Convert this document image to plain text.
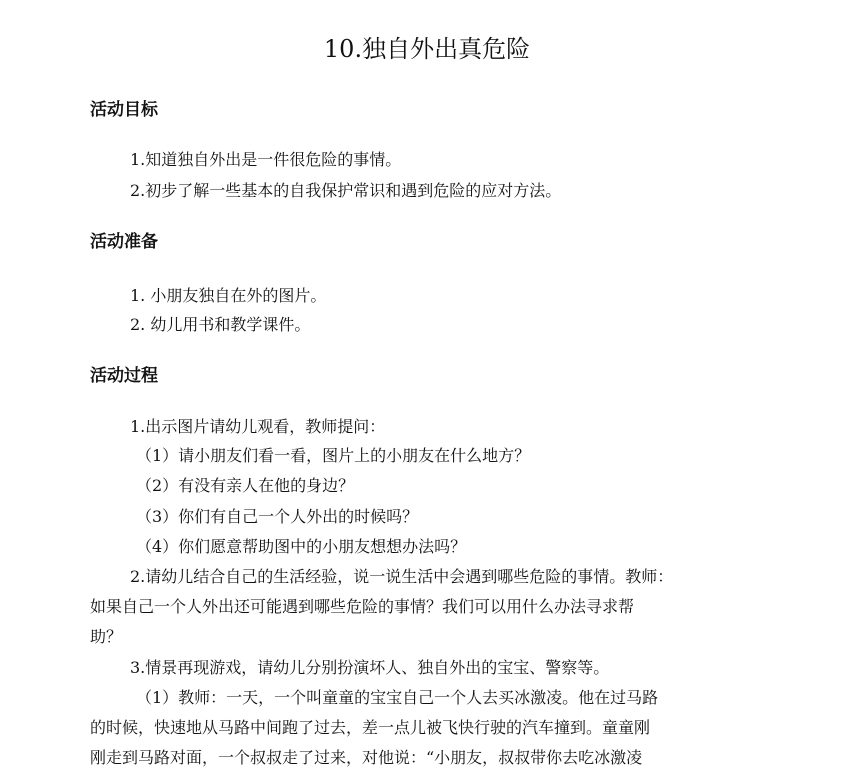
10.独自外出真危险
活动目标
1.知道独自外出是一件很危险的事情。
2.初步了解一些基本的自我保护常识和遇到危险的应对方法。
活动准备
1. 小朋友独自在外的图片。
2. 幼儿用书和教学课件。
活动过程
1.出示图片请幼儿观看，教师提问：
（1）请小朋友们看一看，图片上的小朋友在什么地方？
（2）有没有亲人在他的身边？
（3）你们有自己一个人外出的时候吗？
（4）你们愿意帮助图中的小朋友想想办法吗？
2.请幼儿结合自己的生活经验，说一说生活中会遇到哪些危险的事情。教师：
如果自己一个人外出还可能遇到哪些危险的事情？我们可以用什么办法寻求帮
助？
3.情景再现游戏，请幼儿分别扮演坏人、独自外出的宝宝、警察等。
（1）教师：一天，一个叫童童的宝宝自己一个人去买冰激凌。他在过马路
的时候，快速地从马路中间跑了过去，差一点儿被飞快行驶的汽车撞到。童童刚
刚走到马路对面，一个叔叔走了过来，对他说：“小朋友，叔叔带你去吃冰激凌
